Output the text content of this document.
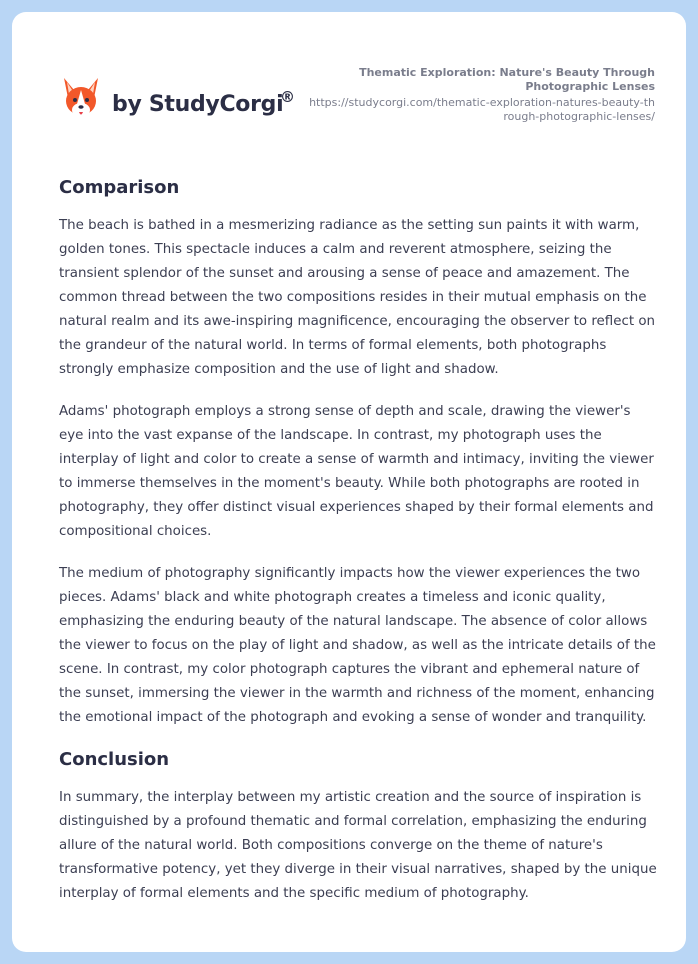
by StudyCorgi
®
Thematic Exploration: Nature's Beauty Through Photographic Lenses
https://studycorgi.com/thematic-exploration-natures-beauty-through-photographic-lenses/
Comparison

The beach is bathed in a mesmerizing radiance as the setting sun paints it with warm, golden tones. This spectacle induces a calm and reverent atmosphere, seizing the transient splendor of the sunset and arousing a sense of peace and amazement. The common thread between the two compositions resides in their mutual emphasis on the natural realm and its awe-inspiring magnificence, encouraging the observer to reflect on the grandeur of the natural world. In terms of formal elements, both photographs strongly emphasize composition and the use of light and shadow.

Adams' photograph employs a strong sense of depth and scale, drawing the viewer's eye into the vast expanse of the landscape. In contrast, my photograph uses the interplay of light and color to create a sense of warmth and intimacy, inviting the viewer to immerse themselves in the moment's beauty. While both photographs are rooted in photography, they offer distinct visual experiences shaped by their formal elements and compositional choices.

The medium of photography significantly impacts how the viewer experiences the two pieces. Adams' black and white photograph creates a timeless and iconic quality, emphasizing the enduring beauty of the natural landscape. The absence of color allows the viewer to focus on the play of light and shadow, as well as the intricate details of the scene. In contrast, my color photograph captures the vibrant and ephemeral nature of the sunset, immersing the viewer in the warmth and richness of the moment, enhancing the emotional impact of the photograph and evoking a sense of wonder and tranquility.

Conclusion

In summary, the interplay between my artistic creation and the source of inspiration is distinguished by a profound thematic and formal correlation, emphasizing the enduring allure of the natural world. Both compositions converge on the theme of nature's transformative potency, yet they diverge in their visual narratives, shaped by the unique interplay of formal elements and the specific medium of photography.
